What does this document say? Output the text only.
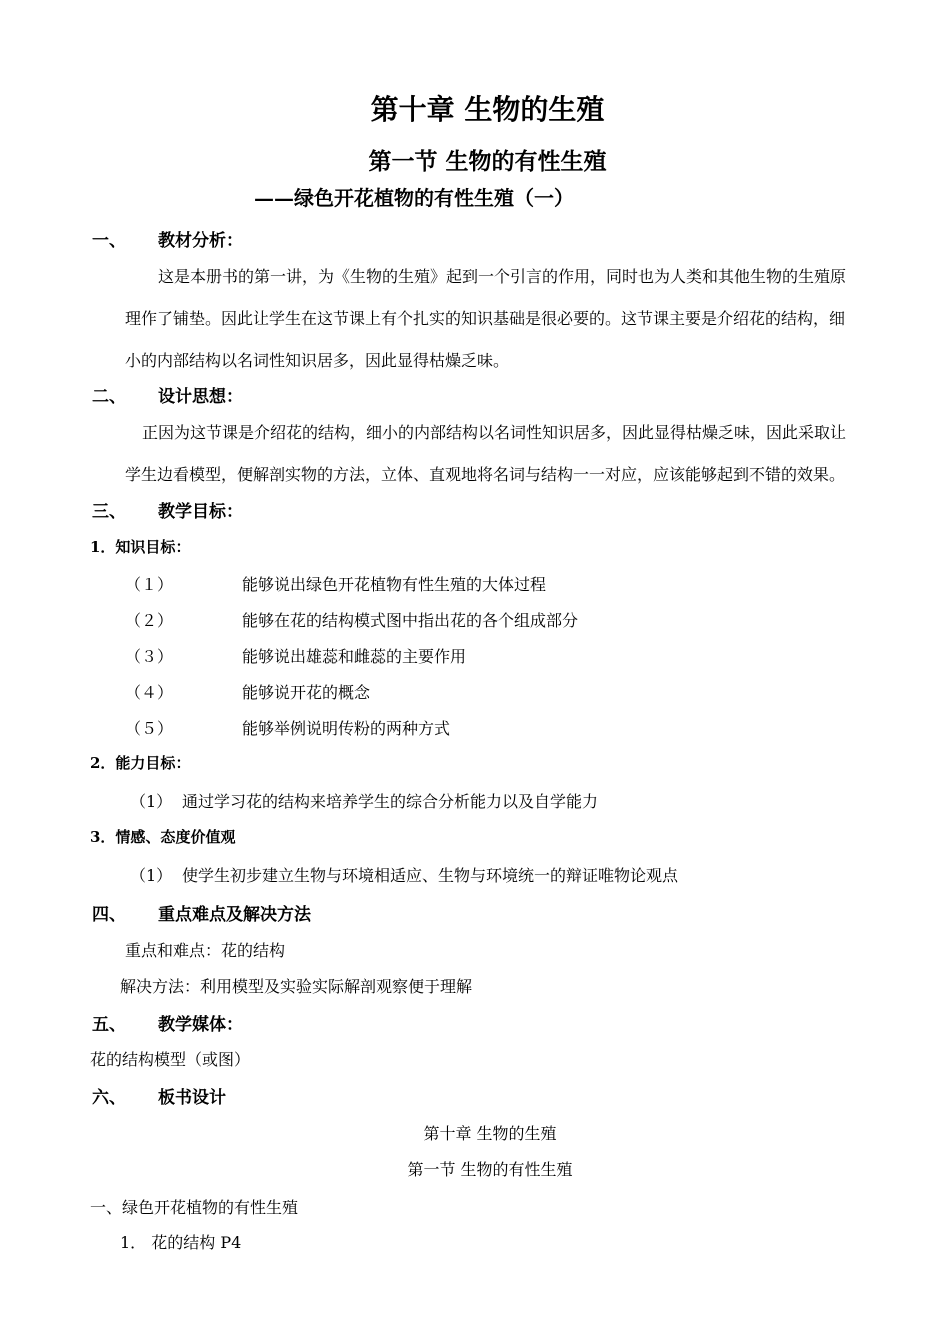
第十章 生物的生殖
第一节 生物的有性生殖
——绿色开花植物的有性生殖（一）
一、 教材分析：
这是本册书的第一讲，为《生物的生殖》起到一个引言的作用，同时也为人类和其他生物的生殖原
理作了铺垫。因此让学生在这节课上有个扎实的知识基础是很必要的。这节课主要是介绍花的结构，细
小的内部结构以名词性知识居多，因此显得枯燥乏味。
二、 设计思想：
正因为这节课是介绍花的结构，细小的内部结构以名词性知识居多，因此显得枯燥乏味，因此采取让
学生边看模型，便解剖实物的方法，立体、直观地将名词与结构一一对应，应该能够起到不错的效果。
三、 教学目标：
1．知识目标：
（１）	能够说出绿色开花植物有性生殖的大体过程
（２）	能够在花的结构模式图中指出花的各个组成部分
（３）	能够说出雄蕊和雌蕊的主要作用
（４）	能够说开花的概念
（５）	能够举例说明传粉的两种方式
2．能力目标：
（1） 通过学习花的结构来培养学生的综合分析能力以及自学能力
3．情感、态度价值观
（1） 使学生初步建立生物与环境相适应、生物与环境统一的辩证唯物论观点
四、 重点难点及解决方法
重点和难点：花的结构
解决方法：利用模型及实验实际解剖观察便于理解
五、 教学媒体：
花的结构模型（或图）
六、 板书设计
第十章 生物的生殖
第一节 生物的有性生殖
一、绿色开花植物的有性生殖
1． 花的结构 P4
